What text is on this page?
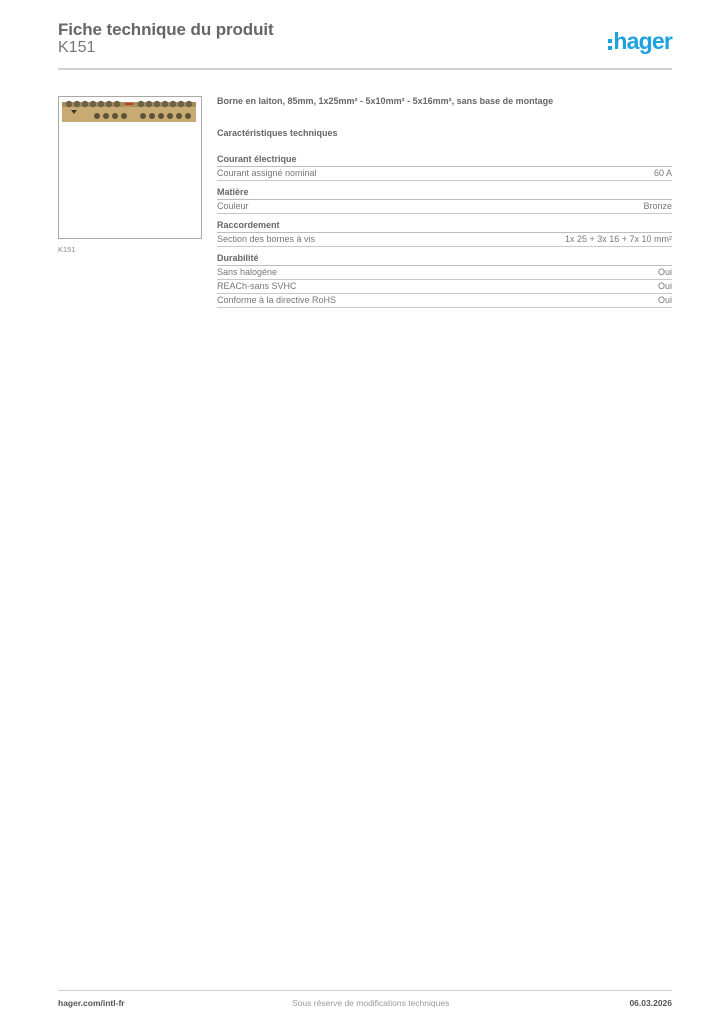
Fiche technique du produit
K151	hager
K151
Borne en laiton, 85mm, 1x25mm² - 5x10mm² - 5x16mm², sans base de montage
Caractéristiques techniques
Courant électrique
Courant assigné nominal	60 A
Matière
Couleur	Bronze
Raccordement
Section des bornes à vis	1x 25 + 3x 16 + 7x 10 mm²
Durabilité
Sans halogène	Oui
REACh-sans SVHC	Oui
Conforme à la directive RoHS	Oui
hager.com/intl-fr	Sous réserve de modifications techniques	06.03.2026
